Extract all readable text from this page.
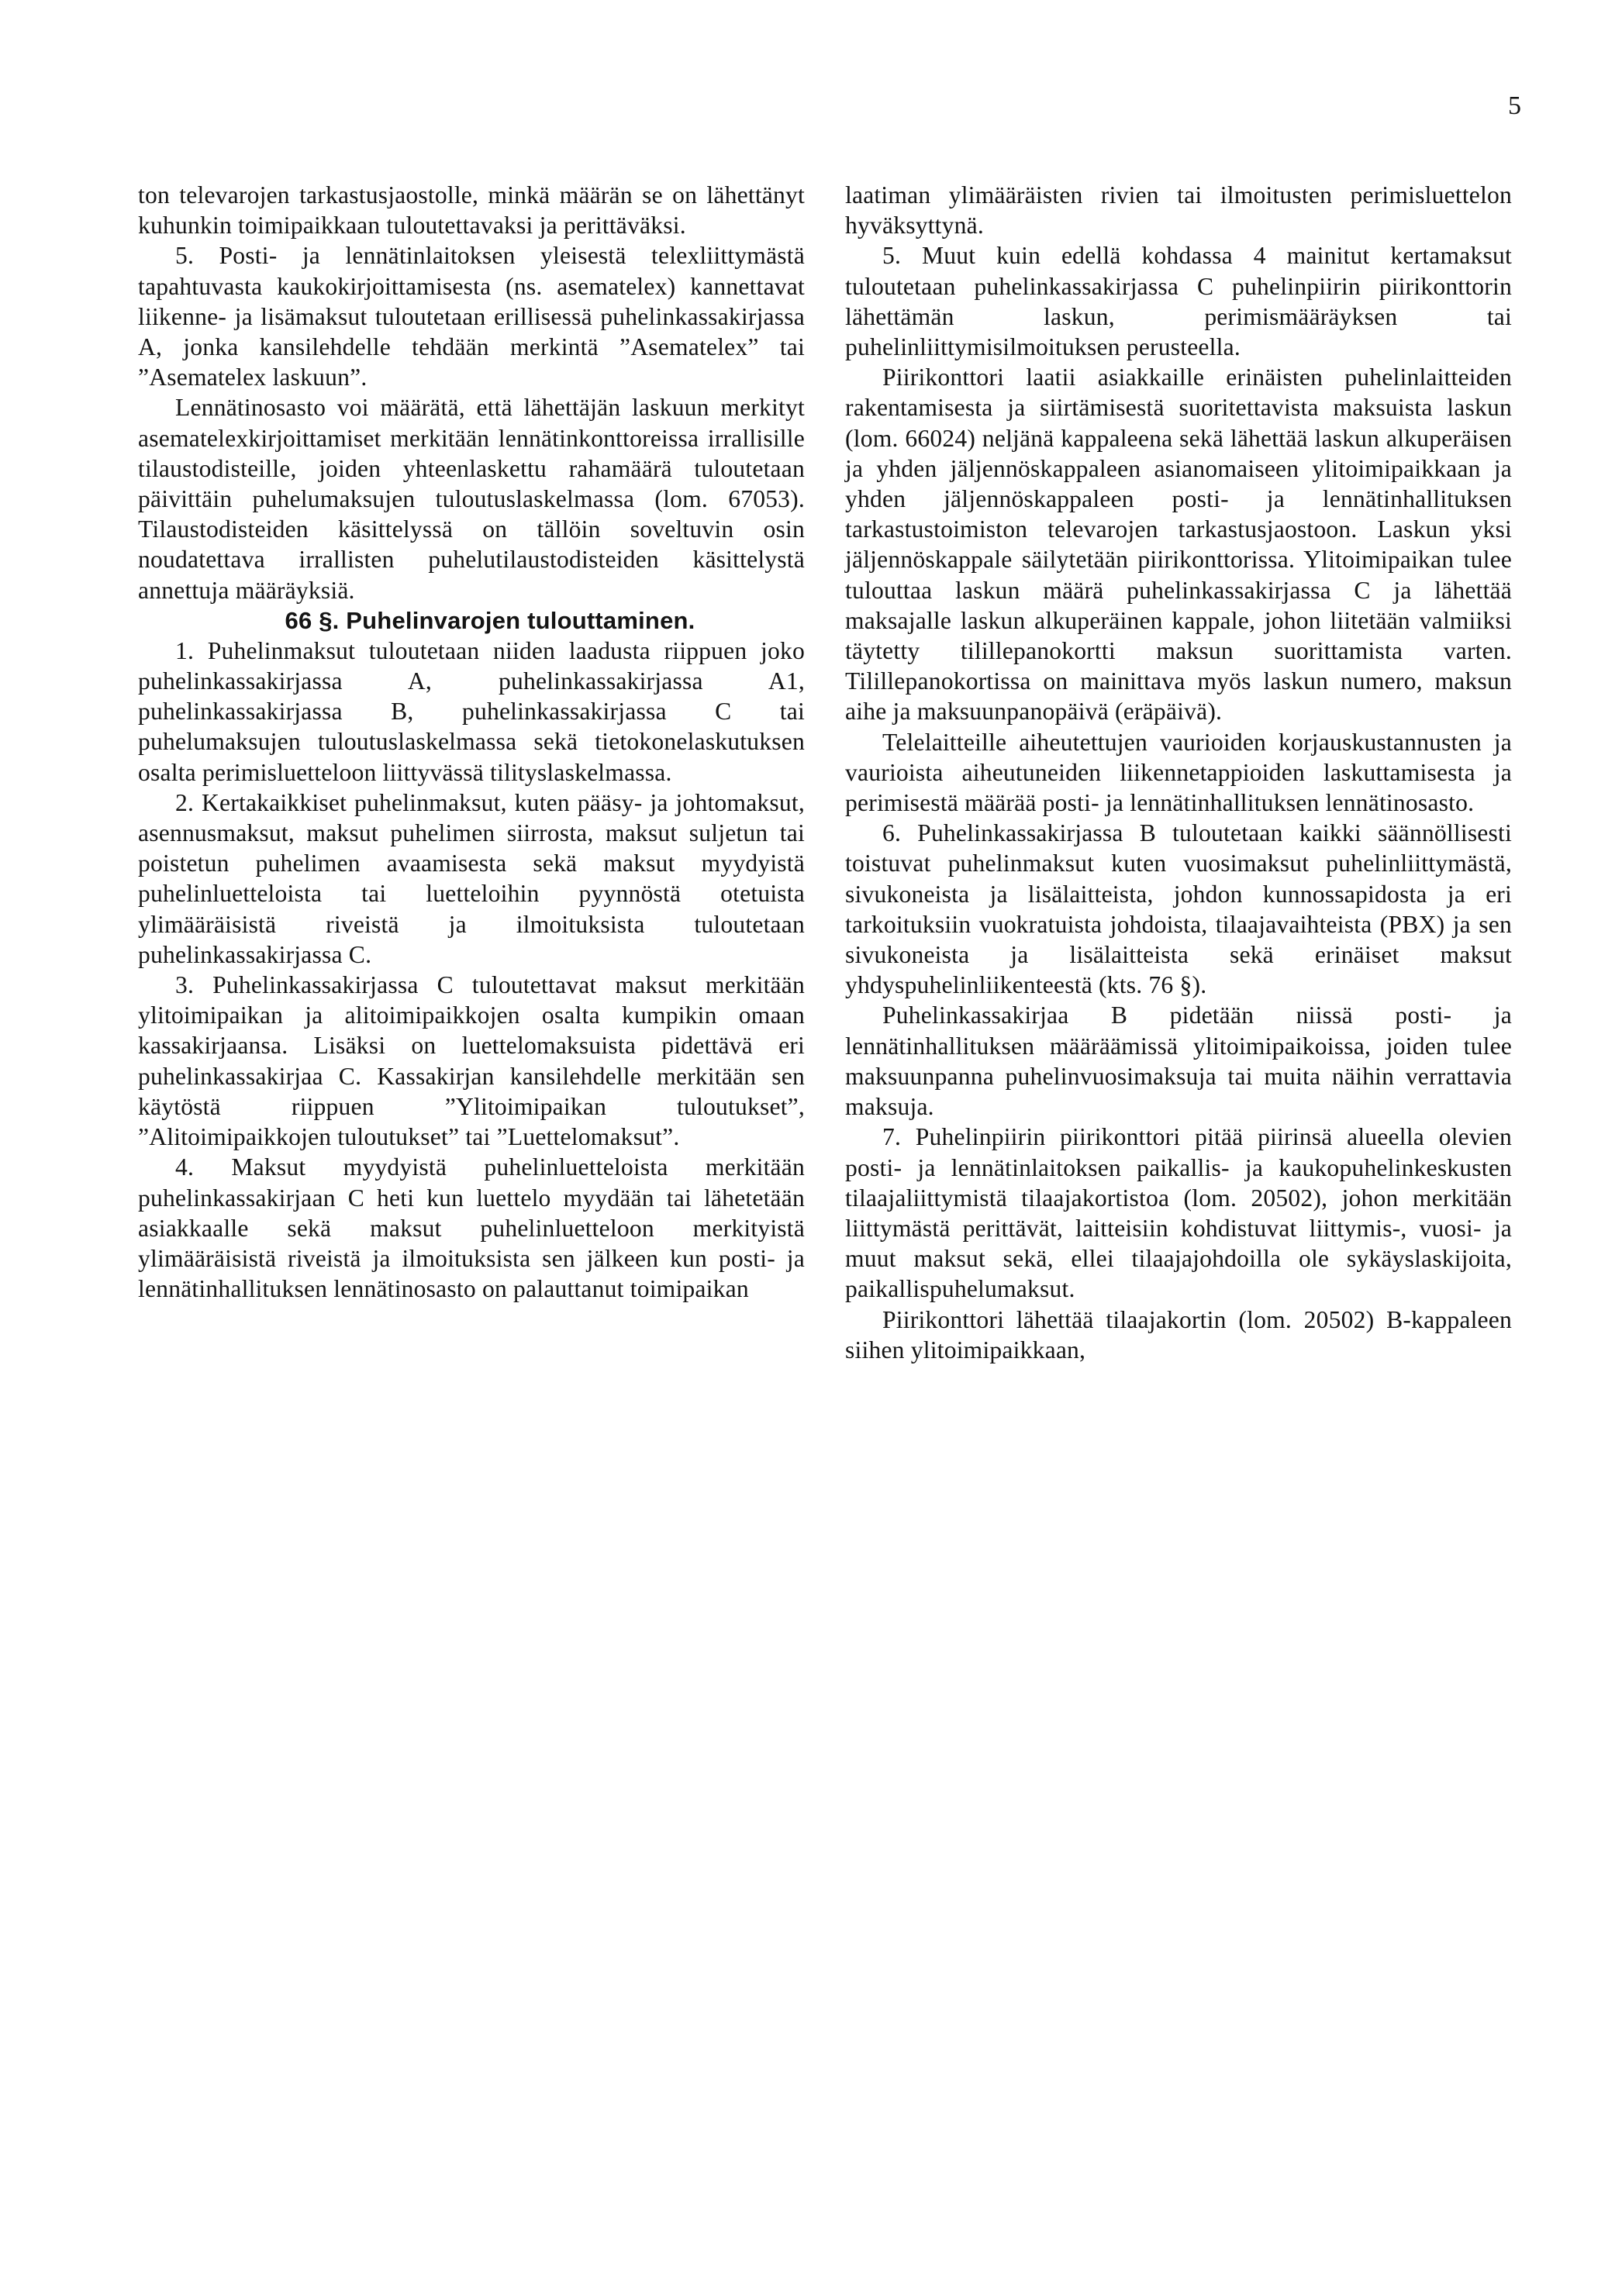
5

ton televarojen tarkastusjaostolle, minkä määrän se on lähettänyt kuhunkin toimipaikkaan tuloutettavaksi ja perittäväksi.

5. Posti- ja lennätinlaitoksen yleisestä telexliittymästä tapahtuvasta kaukokirjoittamisesta (ns. asematelex) kannettavat liikenne- ja lisämaksut tuloutetaan erillisessä puhelinkassakirjassa A, jonka kansilehdelle tehdään merkintä ”Asematelex” tai ”Asematelex laskuun”.

Lennätinosasto voi määrätä, että lähettäjän laskuun merkityt asematelexkirjoittamiset merkitään lennätinkonttoreissa irrallisille tilaustodisteille, joiden yhteenlaskettu rahamäärä tuloutetaan päivittäin puhelumaksujen tuloutuslaskelmassa (lom. 67053). Tilaustodisteiden käsittelyssä on tällöin soveltuvin osin noudatettava irrallisten puhelutilaustodisteiden käsittelystä annettuja määräyksiä.

66 §. Puhelinvarojen tulouttaminen.

1. Puhelinmaksut tuloutetaan niiden laadusta riippuen joko puhelinkassakirjassa A, puhelinkassakirjassa A1, puhelinkassakirjassa B, puhelinkassakirjassa C tai puhelumaksujen tuloutuslaskelmassa sekä tietokonelaskutuksen osalta perimisluetteloon liittyvässä tilityslaskelmassa.

2. Kertakaikkiset puhelinmaksut, kuten pääsy- ja johtomaksut, asennusmaksut, maksut puhelimen siirrosta, maksut suljetun tai poistetun puhelimen avaamisesta sekä maksut myydyistä puhelinluetteloista tai luetteloihin pyynnöstä otetuista ylimääräisistä riveistä ja ilmoituksista tuloutetaan puhelinkassakirjassa C.

3. Puhelinkassakirjassa C tuloutettavat maksut merkitään ylitoimipaikan ja alitoimipaikkojen osalta kumpikin omaan kassakirjaansa. Lisäksi on luettelomaksuista pidettävä eri puhelinkassakirjaa C. Kassakirjan kansilehdelle merkitään sen käytöstä riippuen ”Ylitoimipaikan tuloutukset”, ”Alitoimipaikkojen tuloutukset” tai ”Luettelomaksut”.

4. Maksut myydyistä puhelinluetteloista merkitään puhelinkassakirjaan C heti kun luettelo myydään tai lähetetään asiakkaalle sekä maksut puhelinluetteloon merkityistä ylimääräisistä riveistä ja ilmoituksista sen jälkeen kun posti- ja lennätinhallituksen lennätinosasto on palauttanut toimipaikan

laatiman ylimääräisten rivien tai ilmoitusten perimisluettelon hyväksyttynä.

5. Muut kuin edellä kohdassa 4 mainitut kertamaksut tuloutetaan puhelinkassakirjassa C puhelinpiirin piirikonttorin lähettämän laskun, perimismääräyksen tai puhelinliittymisilmoituksen perusteella.

Piirikonttori laatii asiakkaille erinäisten puhelinlaitteiden rakentamisesta ja siirtämisestä suoritettavista maksuista laskun (lom. 66024) neljänä kappaleena sekä lähettää laskun alkuperäisen ja yhden jäljennöskappaleen asianomaiseen ylitoimipaikkaan ja yhden jäljennöskappaleen posti- ja lennätinhallituksen tarkastustoimiston televarojen tarkastusjaostoon. Laskun yksi jäljennöskappale säilytetään piirikonttorissa. Ylitoimipaikan tulee tulouttaa laskun määrä puhelinkassakirjassa C ja lähettää maksajalle laskun alkuperäinen kappale, johon liitetään valmiiksi täytetty tilillepanokortti maksun suorittamista varten. Tilillepanokortissa on mainittava myös laskun numero, maksun aihe ja maksuunpanopäivä (eräpäivä).

Telelaitteille aiheutettujen vaurioiden korjauskustannusten ja vaurioista aiheutuneiden liikennetappioiden laskuttamisesta ja perimisestä määrää posti- ja lennätinhallituksen lennätinosasto.

6. Puhelinkassakirjassa B tuloutetaan kaikki säännöllisesti toistuvat puhelinmaksut kuten vuosimaksut puhelinliittymästä, sivukoneista ja lisälaitteista, johdon kunnossapidosta ja eri tarkoituksiin vuokratuista johdoista, tilaajavaihteista (PBX) ja sen sivukoneista ja lisälaitteista sekä erinäiset maksut yhdyspuhelinliikenteestä (kts. 76 §).

Puhelinkassakirjaa B pidetään niissä posti- ja lennätinhallituksen määräämissä ylitoimipaikoissa, joiden tulee maksuunpanna puhelinvuosimaksuja tai muita näihin verrattavia maksuja.

7. Puhelinpiirin piirikonttori pitää piirinsä alueella olevien posti- ja lennätinlaitoksen paikallis- ja kaukopuhelinkeskusten tilaajaliittymistä tilaajakortistoa (lom. 20502), johon merkitään liittymästä perittävät, laitteisiin kohdistuvat liittymis-, vuosi- ja muut maksut sekä, ellei tilaajajohdoilla ole sykäyslaskijoita, paikallispuhelumaksut.

Piirikonttori lähettää tilaajakortin (lom. 20502) B-kappaleen siihen ylitoimipaikkaan,
